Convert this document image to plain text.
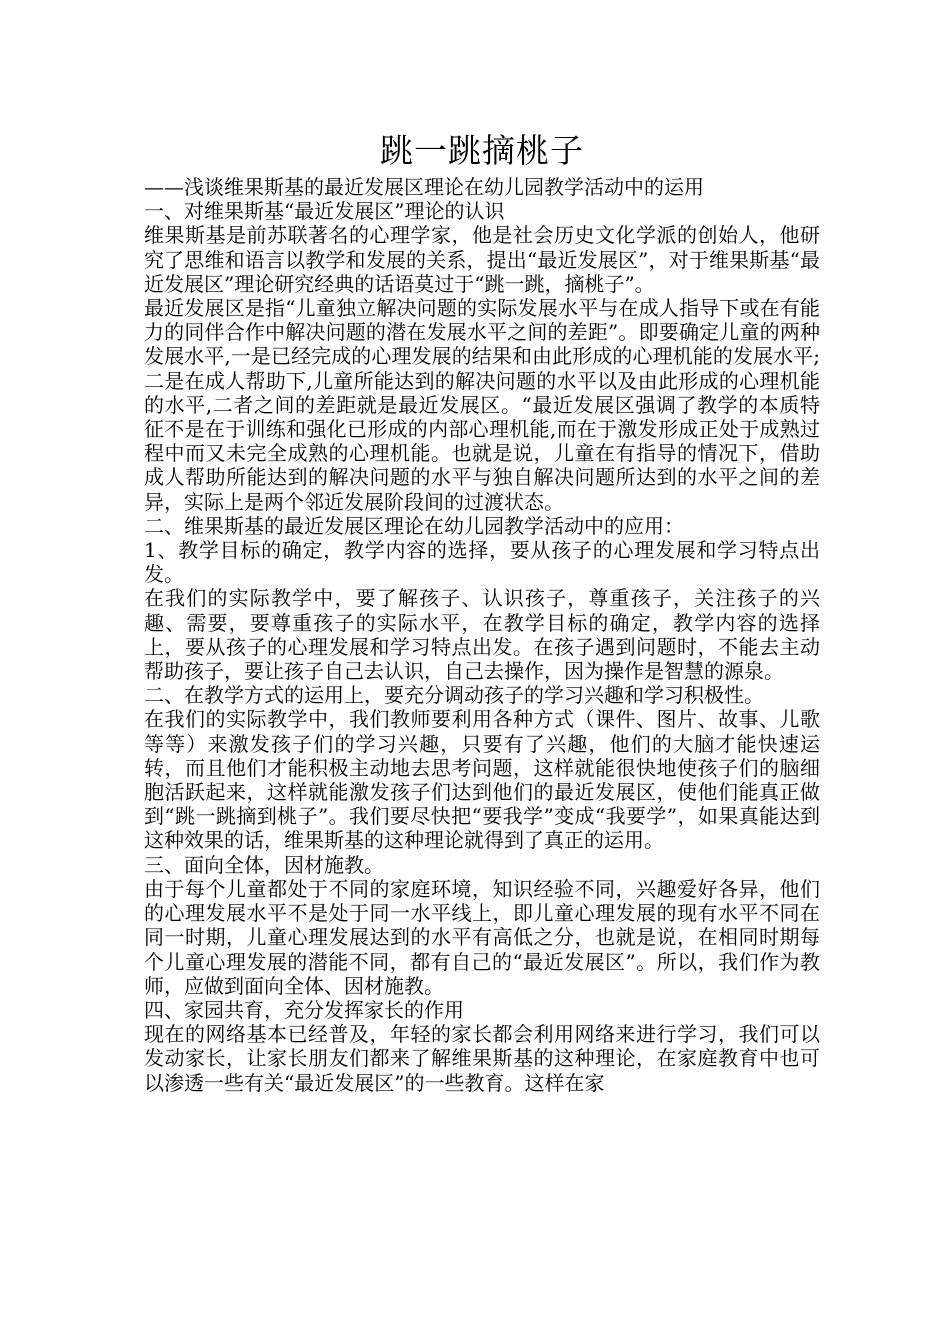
跳一跳摘桃子

——浅谈维果斯基的最近发展区理论在幼儿园教学活动中的运用

一、对维果斯基“最近发展区”理论的认识

维果斯基是前苏联著名的心理学家，他是社会历史文化学派的创始人，他研究了思维和语言以教学和发展的关系，提出“最近发展区”，对于维果斯基“最近发展区”理论研究经典的话语莫过于“跳一跳，摘桃子”。

最近发展区是指“儿童独立解决问题的实际发展水平与在成人指导下或在有能力的同伴合作中解决问题的潜在发展水平之间的差距”。即要确定儿童的两种发展水平,一是已经完成的心理发展的结果和由此形成的心理机能的发展水平;二是在成人帮助下,儿童所能达到的解决问题的水平以及由此形成的心理机能的水平,二者之间的差距就是最近发展区。“最近发展区强调了教学的本质特征不是在于训练和强化已形成的内部心理机能,而在于激发形成正处于成熟过程中而又未完全成熟的心理机能。也就是说，儿童在有指导的情况下，借助成人帮助所能达到的解决问题的水平与独自解决问题所达到的水平之间的差异，实际上是两个邻近发展阶段间的过渡状态。

二、维果斯基的最近发展区理论在幼儿园教学活动中的应用：
1、教学目标的确定，教学内容的选择，要从孩子的心理发展和学习特点出发。

在我们的实际教学中，要了解孩子、认识孩子，尊重孩子，关注孩子的兴趣、需要，要尊重孩子的实际水平，在教学目标的确定，教学内容的选择上，要从孩子的心理发展和学习特点出发。在孩子遇到问题时，不能去主动帮助孩子，要让孩子自己去认识，自己去操作，因为操作是智慧的源泉。

二、在教学方式的运用上，要充分调动孩子的学习兴趣和学习积极性。

在我们的实际教学中，我们教师要利用各种方式（课件、图片、故事、儿歌等等）来激发孩子们的学习兴趣，只要有了兴趣，他们的大脑才能快速运转，而且他们才能积极主动地去思考问题，这样就能很快地使孩子们的脑细胞活跃起来，这样就能激发孩子们达到他们的最近发展区，使他们能真正做到“跳一跳摘到桃子”。我们要尽快把“要我学”变成“我要学”，如果真能达到这种效果的话，维果斯基的这种理论就得到了真正的运用。

三、面向全体，因材施教。

由于每个儿童都处于不同的家庭环境，知识经验不同，兴趣爱好各异，他们的心理发展水平不是处于同一水平线上，即儿童心理发展的现有水平不同在同一时期，儿童心理发展达到的水平有高低之分，也就是说，在相同时期每个儿童心理发展的潜能不同，都有自己的“最近发展区”。所以，我们作为教师，应做到面向全体、因材施教。

四、家园共育，充分发挥家长的作用

现在的网络基本已经普及，年轻的家长都会利用网络来进行学习，我们可以发动家长，让家长朋友们都来了解维果斯基的这种理论，在家庭教育中也可以渗透一些有关“最近发展区”的一些教育。这样在家
